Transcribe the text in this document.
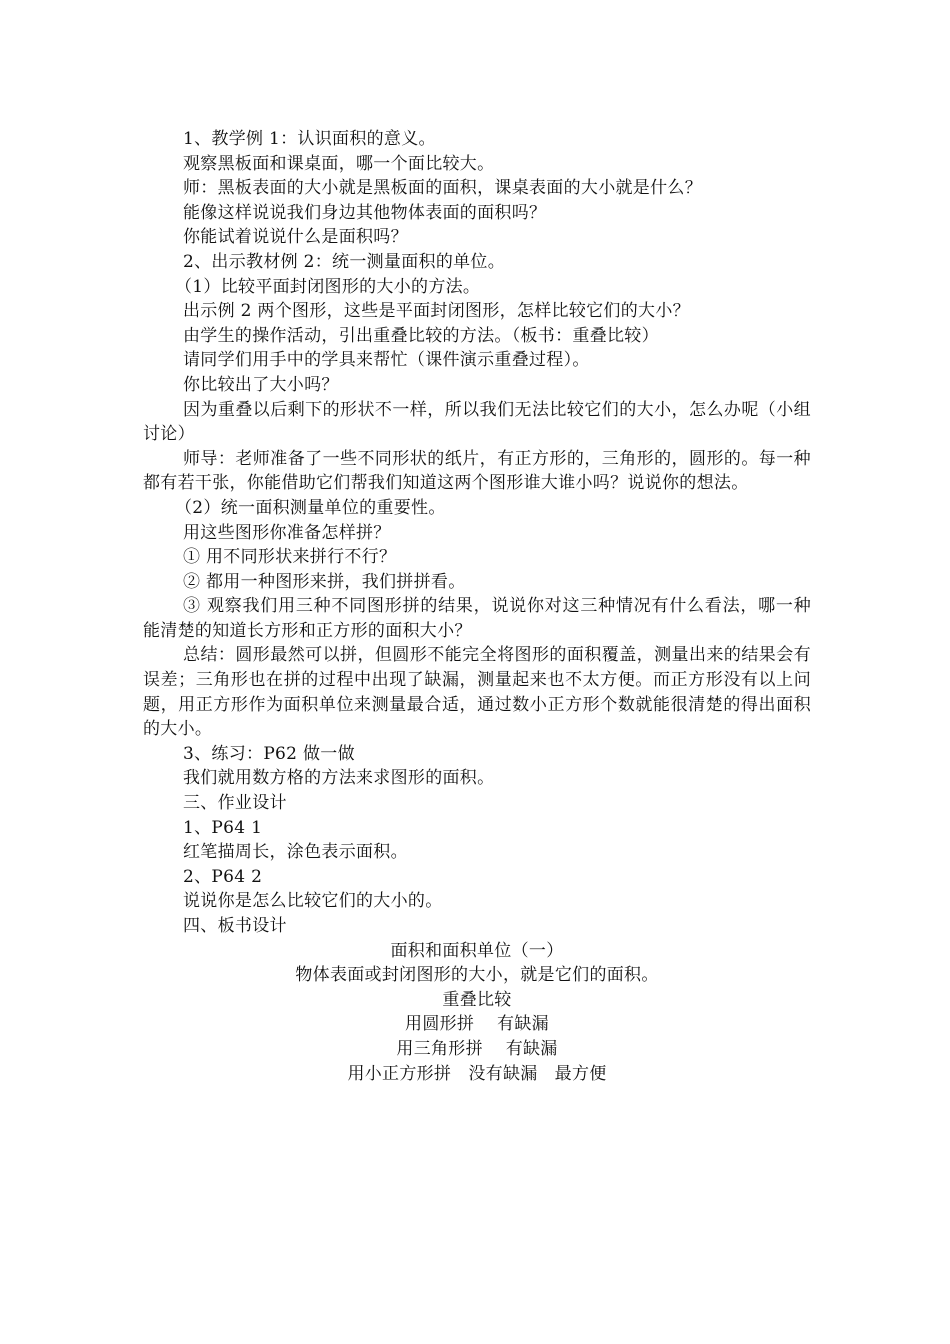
1、教学例 1：认识面积的意义。
观察黑板面和课桌面，哪一个面比较大。
师：黑板表面的大小就是黑板面的面积，课桌表面的大小就是什么？
能像这样说说我们身边其他物体表面的面积吗？
你能试着说说什么是面积吗？
2、出示教材例 2：统一测量面积的单位。
（1）比较平面封闭图形的大小的方法。
出示例 2 两个图形，这些是平面封闭图形，怎样比较它们的大小？
由学生的操作活动，引出重叠比较的方法。（板书：重叠比较）
请同学们用手中的学具来帮忙（课件演示重叠过程）。
你比较出了大小吗？
因为重叠以后剩下的形状不一样，所以我们无法比较它们的大小，怎么办呢（小组讨论）
师导：老师准备了一些不同形状的纸片，有正方形的，三角形的，圆形的。每一种都有若干张，你能借助它们帮我们知道这两个图形谁大谁小吗？说说你的想法。
（2）统一面积测量单位的重要性。
用这些图形你准备怎样拼？
① 用不同形状来拼行不行？
② 都用一种图形来拼，我们拼拼看。
③ 观察我们用三种不同图形拼的结果，说说你对这三种情况有什么看法，哪一种能清楚的知道长方形和正方形的面积大小？
总结：圆形最然可以拼，但圆形不能完全将图形的面积覆盖，测量出来的结果会有误差；三角形也在拼的过程中出现了缺漏，测量起来也不太方便。而正方形没有以上问题，用正方形作为面积单位来测量最合适，通过数小正方形个数就能很清楚的得出面积的大小。
3、练习：P62 做一做
我们就用数方格的方法来求图形的面积。
三、作业设计
1、P64 1
红笔描周长，涂色表示面积。
2、P64 2
说说你是怎么比较它们的大小的。
四、板书设计
面积和面积单位（一）
物体表面或封闭图形的大小，就是它们的面积。
重叠比较
用圆形拼    有缺漏
用三角形拼    有缺漏
用小正方形拼   没有缺漏   最方便
